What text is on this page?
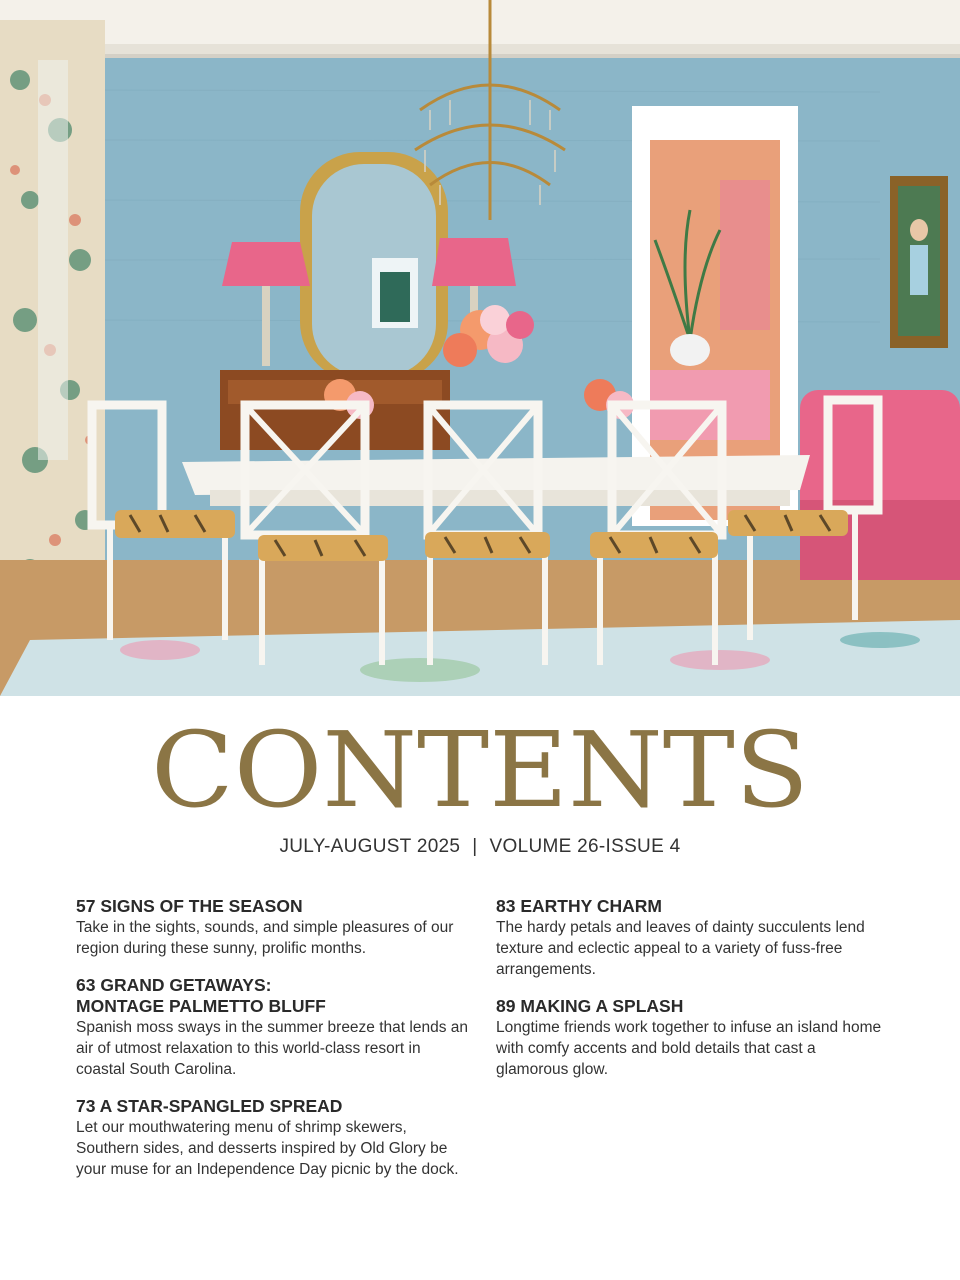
CONTENTS
JULY-AUGUST 2025 | VOLUME 26-ISSUE 4
57 SIGNS OF THE SEASON

Take in the sights, sounds, and simple pleasures of our region during these sunny, prolific months.

63 GRAND GETAWAYS:
MONTAGE PALMETTO BLUFF

Spanish moss sways in the summer breeze that lends an air of utmost relaxation to this world-class resort in coastal South Carolina.

73 A STAR-SPANGLED SPREAD

Let our mouthwatering menu of shrimp skewers, Southern sides, and desserts inspired by Old Glory be your muse for an Independence Day picnic by the dock.

83 EARTHY CHARM

The hardy petals and leaves of dainty succulents lend texture and eclectic appeal to a variety of fuss-free arrangements.

89 MAKING A SPLASH

Longtime friends work together to infuse an island home with comfy accents and bold details that cast a glamorous glow.
